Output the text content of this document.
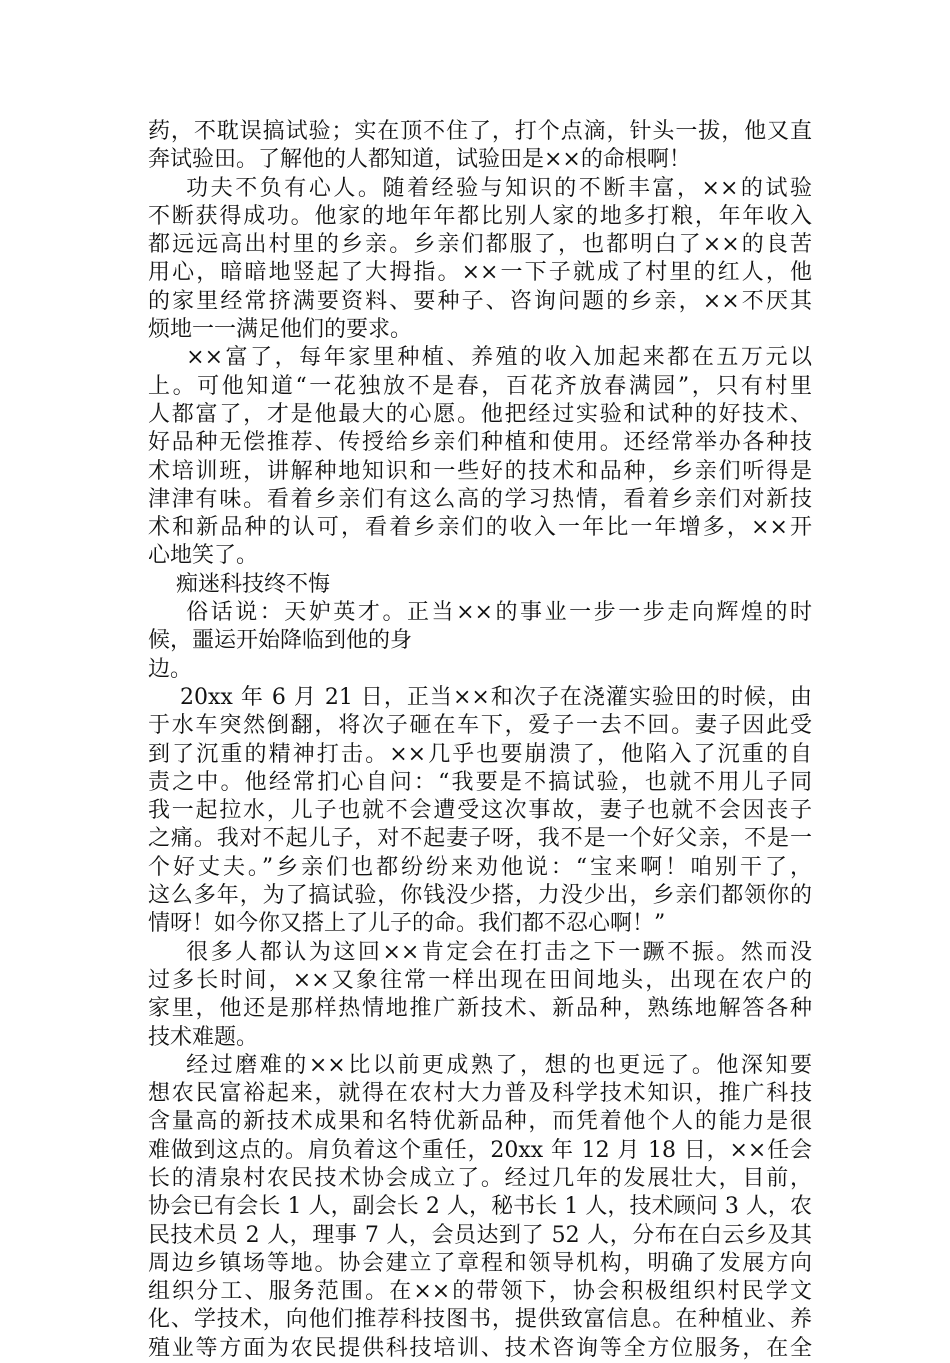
药，不耽误搞试验；实在顶不住了，打个点滴，针头一拔，他又直
奔试验田。了解他的人都知道，试验田是××的命根啊！
功夫不负有心人。随着经验与知识的不断丰富，××的试验
不断获得成功。他家的地年年都比别人家的地多打粮，年年收入
都远远高出村里的乡亲。乡亲们都服了，也都明白了××的良苦
用心，暗暗地竖起了大拇指。××一下子就成了村里的红人，他
的家里经常挤满要资料、要种子、咨询问题的乡亲，××不厌其
烦地一一满足他们的要求。
××富了，每年家里种植、养殖的收入加起来都在五万元以
上。可他知道“一花独放不是春，百花齐放春满园”，只有村里
人都富了，才是他最大的心愿。他把经过实验和试种的好技术、
好品种无偿推荐、传授给乡亲们种植和使用。还经常举办各种技
术培训班，讲解种地知识和一些好的技术和品种，乡亲们听得是
津津有味。看着乡亲们有这么高的学习热情，看着乡亲们对新技
术和新品种的认可，看着乡亲们的收入一年比一年增多，××开
心地笑了。
痴迷科技终不悔
俗话说：天妒英才。正当××的事业一步一步走向辉煌的时
候，噩运开始降临到他的身
边。
20xx 年 6 月 21 日，正当××和次子在浇灌实验田的时候，由
于水车突然倒翻，将次子砸在车下，爱子一去不回。妻子因此受
到了沉重的精神打击。××几乎也要崩溃了，他陷入了沉重的自
责之中。他经常扪心自问：“我要是不搞试验，也就不用儿子同
我一起拉水，儿子也就不会遭受这次事故，妻子也就不会因丧子
之痛。我对不起儿子，对不起妻子呀，我不是一个好父亲，不是一
个好丈夫。”乡亲们也都纷纷来劝他说：“宝来啊！咱别干了，
这么多年，为了搞试验，你钱没少搭，力没少出，乡亲们都领你的
情呀！如今你又搭上了儿子的命。我们都不忍心啊！”
很多人都认为这回××肯定会在打击之下一蹶不振。然而没
过多长时间，××又象往常一样出现在田间地头，出现在农户的
家里，他还是那样热情地推广新技术、新品种，熟练地解答各种
技术难题。
经过磨难的××比以前更成熟了，想的也更远了。他深知要
想农民富裕起来，就得在农村大力普及科学技术知识，推广科技
含量高的新技术成果和名特优新品种，而凭着他个人的能力是很
难做到这点的。肩负着这个重任，20xx 年 12 月 18 日，××任会
长的清泉村农民技术协会成立了。经过几年的发展壮大，目前，
协会已有会长 1 人，副会长 2 人，秘书长 1 人，技术顾问 3 人，农
民技术员 2 人，理事 7 人，会员达到了 52 人，分布在白云乡及其
周边乡镇场等地。协会建立了章程和领导机构，明确了发展方向
组织分工、服务范围。在××的带领下，协会积极组织村民学文
化、学技术，向他们推荐科技图书，提供致富信息。在种植业、养
殖业等方面为农民提供科技培训、技术咨询等全方位服务，在全
